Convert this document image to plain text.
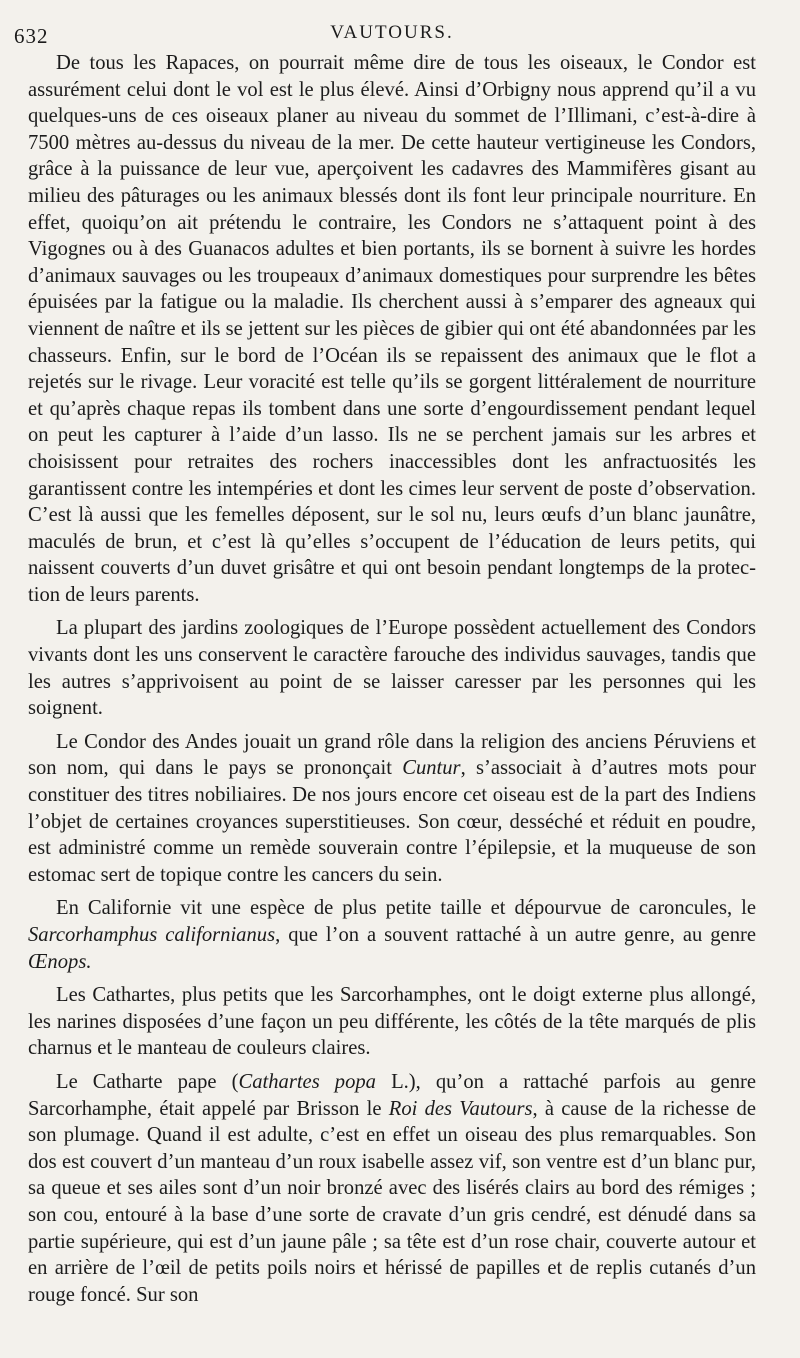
632	VAUTOURS.

De tous les Rapaces, on pourrait même dire de tous les oiseaux, le Condor est assurément celui dont le vol est le plus élevé. Ainsi d’Orbigny nous apprend qu’il a vu quelques-uns de ces oiseaux planer au niveau du sommet de l’Illimani, c’est-à-dire à 7500 mètres au-dessus du niveau de la mer. De cette hauteur vertigineuse les Condors, grâce à la puissance de leur vue, aperçoivent les cadavres des Mammifères gisant au milieu des pâturages ou les animaux blessés dont ils font leur principale nourriture. En effet, quoiqu’on ait prétendu le contraire, les Condors ne s’attaquent point à des Vigognes ou à des Guanacos adultes et bien portants, ils se bornent à suivre les hordes d’animaux sauvages ou les troupeaux d’animaux domestiques pour surprendre les bêtes épuisées par la fatigue ou la maladie. Ils cherchent aussi à s’emparer des agneaux qui viennent de naître et ils se jettent sur les pièces de gibier qui ont été abandonnées par les chasseurs. Enfin, sur le bord de l’Océan ils se repaissent des animaux que le flot a rejetés sur le rivage. Leur voracité est telle qu’ils se gorgent littéralement de nourriture et qu’après chaque repas ils tombent dans une sorte d’engourdissement pendant lequel on peut les capturer à l’aide d’un lasso. Ils ne se perchent jamais sur les arbres et choisissent pour retraites des rochers inaccessibles dont les anfractuosités les garantissent contre les intempéries et dont les cimes leur servent de poste d’observation. C’est là aussi que les femelles déposent, sur le sol nu, leurs œufs d’un blanc jaunâtre, maculés de brun, et c’est là qu’elles s’occupent de l’éducation de leurs petits, qui naissent couverts d’un duvet grisâtre et qui ont besoin pendant longtemps de la protection de leurs parents.

La plupart des jardins zoologiques de l’Europe possèdent actuellement des Condors vivants dont les uns conservent le caractère farouche des individus sauvages, tandis que les autres s’apprivoisent au point de se laisser caresser par les personnes qui les soignent.

Le Condor des Andes jouait un grand rôle dans la religion des anciens Péruviens et son nom, qui dans le pays se prononçait Cuntur, s’associait à d’autres mots pour constituer des titres nobiliaires. De nos jours encore cet oiseau est de la part des Indiens l’objet de certaines croyances superstitieuses. Son cœur, desséché et réduit en poudre, est administré comme un remède souverain contre l’épilepsie, et la muqueuse de son estomac sert de topique contre les cancers du sein.

En Californie vit une espèce de plus petite taille et dépourvue de caroncules, le Sarcorhamphus californianus, que l’on a souvent rattaché à un autre genre, au genre Œnops.

Les Cathartes, plus petits que les Sarcorhamphes, ont le doigt externe plus allongé, les narines disposées d’une façon un peu différente, les côtés de la tête marqués de plis charnus et le manteau de couleurs claires.

Le Catharte pape (Cathartes popa L.), qu’on a rattaché parfois au genre Sarcorhamphe, était appelé par Brisson le Roi des Vautours, à cause de la richesse de son plumage. Quand il est adulte, c’est en effet un oiseau des plus remarquables. Son dos est couvert d’un manteau d’un roux isabelle assez vif, son ventre est d’un blanc pur, sa queue et ses ailes sont d’un noir bronzé avec des lisérés clairs au bord des rémiges ; son cou, entouré à la base d’une sorte de cravate d’un gris cendré, est dénudé dans sa partie supérieure, qui est d’un jaune pâle ; sa tête est d’un rose chair, couverte autour et en arrière de l’œil de petits poils noirs et hérissé de papilles et de replis cutanés d’un rouge foncé. Sur son
